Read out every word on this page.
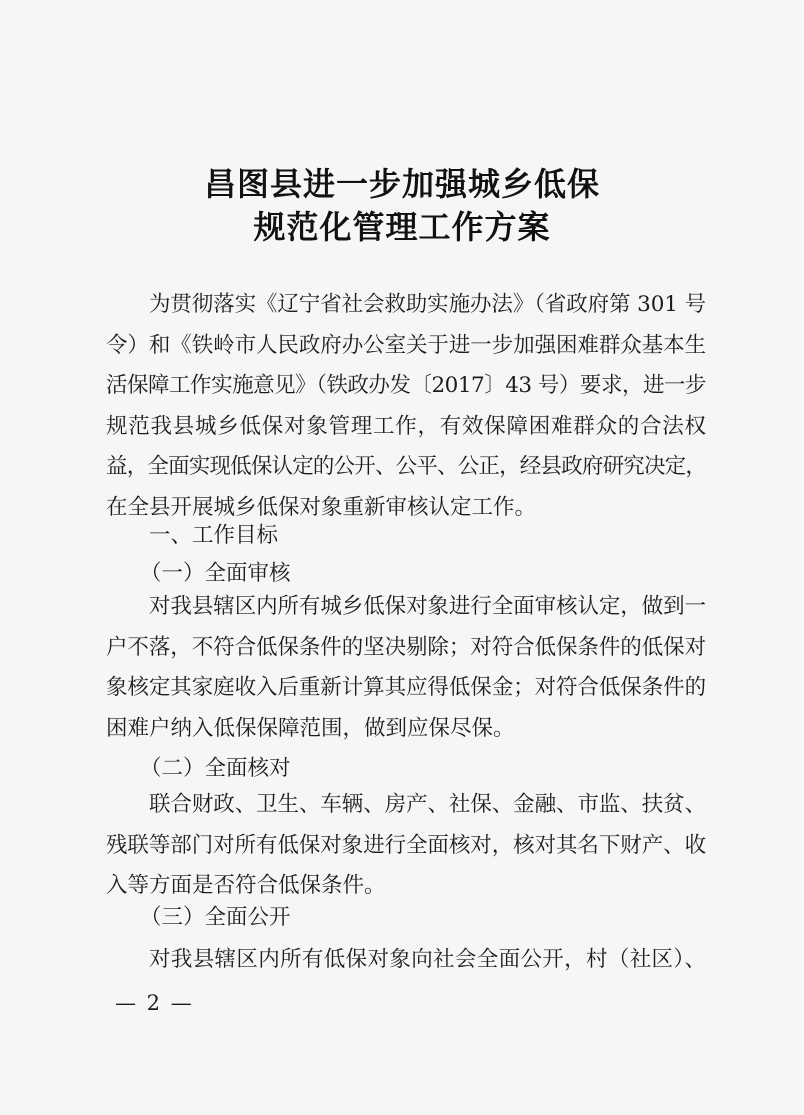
昌图县进一步加强城乡低保
规范化管理工作方案
为贯彻落实《辽宁省社会救助实施办法》（省政府第 301 号
令）和《铁岭市人民政府办公室关于进一步加强困难群众基本生
活保障工作实施意见》（铁政办发〔2017〕43 号）要求，进一步
规范我县城乡低保对象管理工作，有效保障困难群众的合法权
益，全面实现低保认定的公开、公平、公正，经县政府研究决定，
在全县开展城乡低保对象重新审核认定工作。
一、工作目标
（一）全面审核
对我县辖区内所有城乡低保对象进行全面审核认定，做到一
户不落，不符合低保条件的坚决剔除；对符合低保条件的低保对
象核定其家庭收入后重新计算其应得低保金；对符合低保条件的
困难户纳入低保保障范围，做到应保尽保。
（二）全面核对
联合财政、卫生、车辆、房产、社保、金融、市监、扶贫、
残联等部门对所有低保对象进行全面核对，核对其名下财产、收
入等方面是否符合低保条件。
（三）全面公开
对我县辖区内所有低保对象向社会全面公开，村（社区）、
— 2 —
